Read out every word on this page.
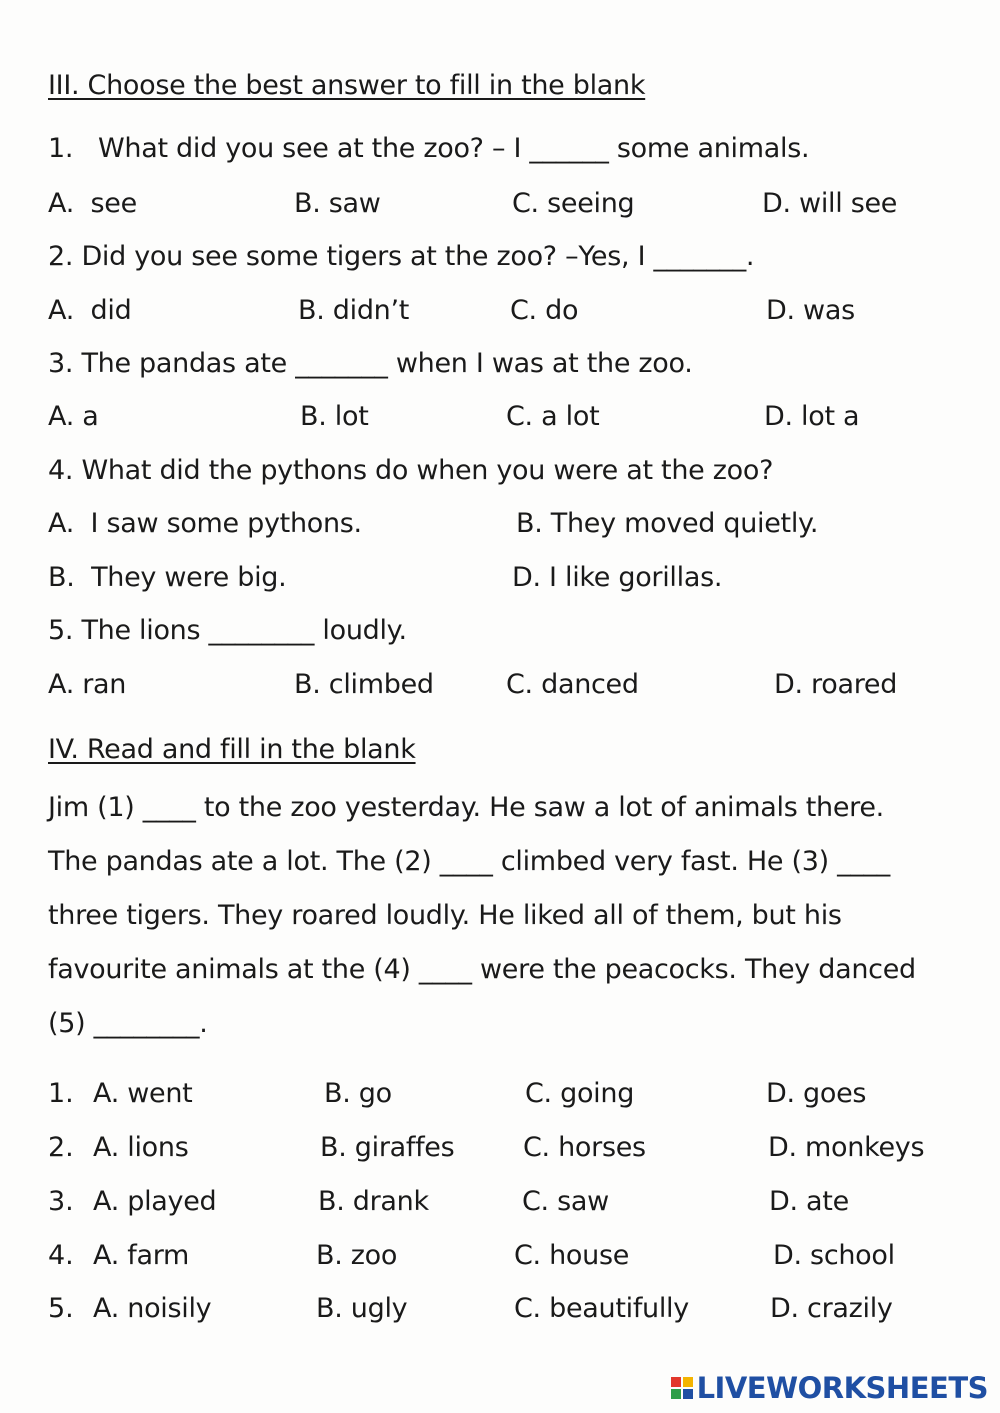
III. Choose the best answer to fill in the blank
1.   What did you see at the zoo? – I ______ some animals.
A.  see	B. saw	C. seeing	D. will see
2. Did you see some tigers at the zoo? –Yes, I _______.
A.  did	B. didn’t	C. do	D. was
3. The pandas ate _______ when I was at the zoo.
A. a	B. lot	C. a lot	D. lot a
4. What did the pythons do when you were at the zoo?
A.  I saw some pythons.	B. They moved quietly.
B.  They were big.	D. I like gorillas.
5. The lions ________ loudly.
A. ran	B. climbed	C. danced	D. roared
IV. Read and fill in the blank
Jim (1) ____ to the zoo yesterday. He saw a lot of animals there.
The pandas ate a lot. The (2) ____ climbed very fast. He (3) ____
three tigers. They roared loudly. He liked all of them, but his
favourite animals at the (4) ____ were the peacocks. They danced
(5) ________.
1. A. went	B. go	C. going	D. goes
2. A. lions	B. giraffes	C. horses	D. monkeys
3. A. played	B. drank	C. saw	D. ate
4. A. farm	B. zoo	C. house	D. school
5. A. noisily	B. ugly	C. beautifully	D. crazily
LIVEWORKSHEETS
